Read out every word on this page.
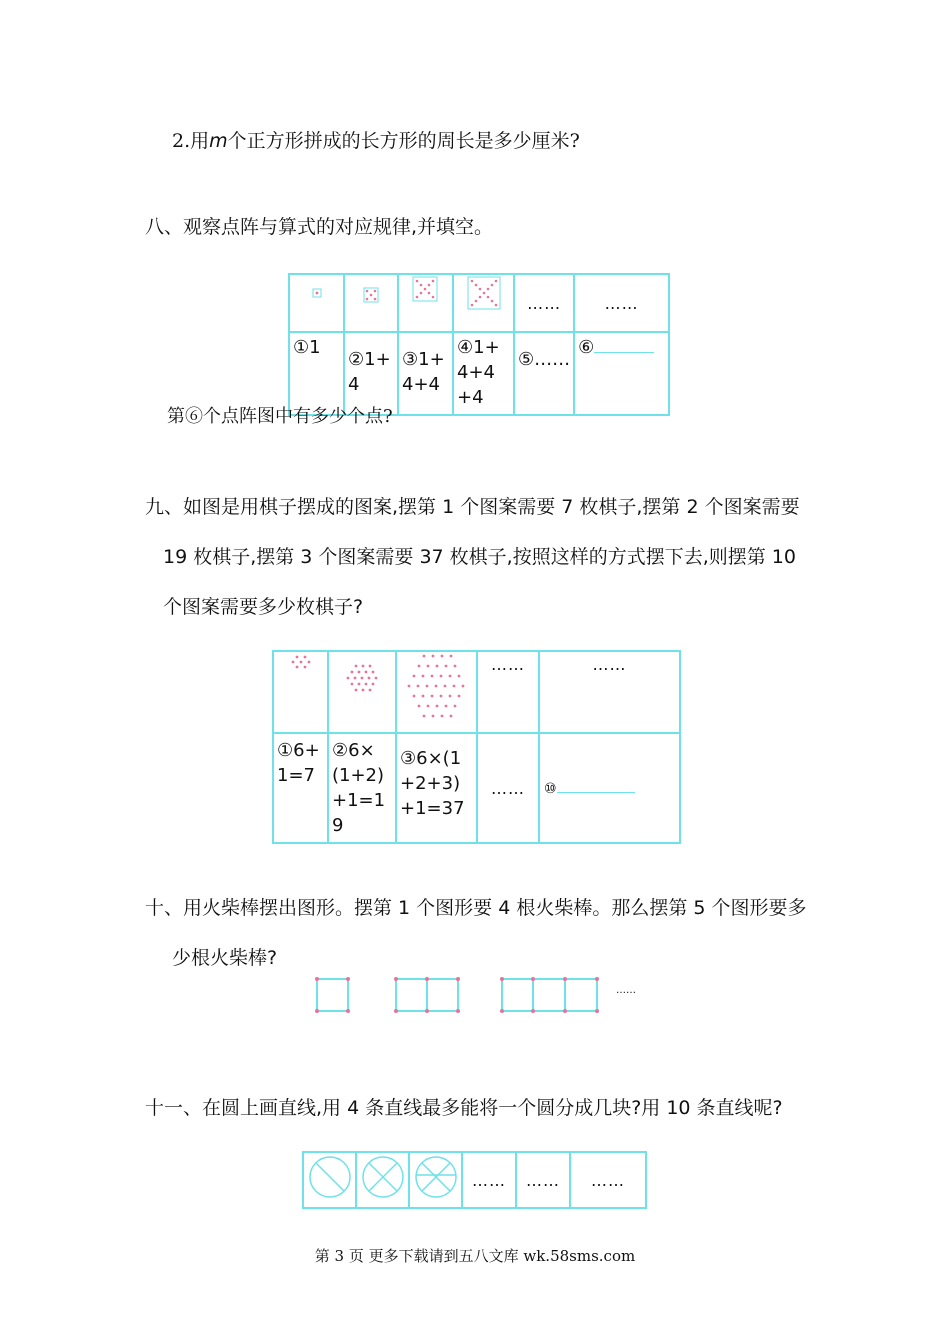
2.用m个正方形拼成的长方形的周长是多少厘米?
八、观察点阵与算式的对应规律,并填空。
				……	……

①1	②1+4	③1+4+4	④1+4+4+4	⑤……	⑥
第⑥个点阵图中有多少个点?
九、如图是用棋子摆成的图案,摆第 1 个图案需要 7 枚棋子,摆第 2 个图案需要
19 枚棋子,摆第 3 个图案需要 37 枚棋子,按照这样的方式摆下去,则摆第 10
个图案需要多少枚棋子?
			……	……

①6+1=7	②6×(1+2)+1=19	③6×(1+2+3)+1=37	……	⑩
十、用火柴棒摆出图形。摆第 1 个图形要 4 根火柴棒。那么摆第 5 个图形要多
少根火柴棒?
……
十一、在圆上画直线,用 4 条直线最多能将一个圆分成几块?用 10 条直线呢?
			……	……	……
第 3 页 更多下载请到五八文库 wk.58sms.com
